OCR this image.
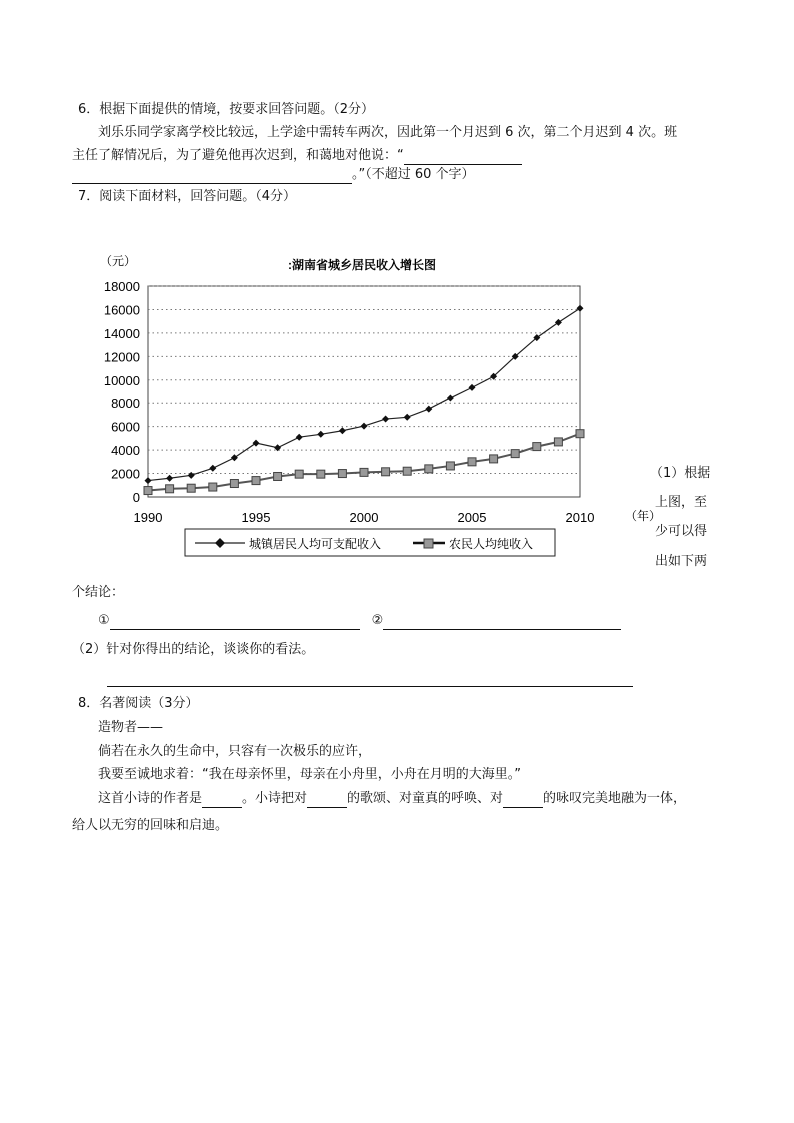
6．根据下面提供的情境，按要求回答问题。（2分）
刘乐乐同学家离学校比较远，上学途中需转车两次，因此第一个月迟到 6 次，第二个月迟到 4 次。班
主任了解情况后，为了避免他再次迟到，和蔼地对他说：“
。”（不超过 60 个字）
7．阅读下面材料，回答问题。（4分）
（元）	:湖南省城乡居民收入增长图
0
2000
4000
6000
8000
10000
12000
14000
16000
18000
1990	1995	2000	2005	2010	（年）
城镇居民人均可支配收入	农民人均纯收入
（1）根据
上图，至
少可以得
出如下两
个结论：
①	②
（2）针对你得出的结论，谈谈你的看法。
8．名著阅读（3分）
造物者——
倘若在永久的生命中，只容有一次极乐的应许，
我要至诚地求着：“我在母亲怀里，母亲在小舟里，小舟在月明的大海里。”
这首小诗的作者是	。小诗把对	的歌颂、对童真的呼唤、对	的咏叹完美地融为一体，
给人以无穷的回味和启迪。
